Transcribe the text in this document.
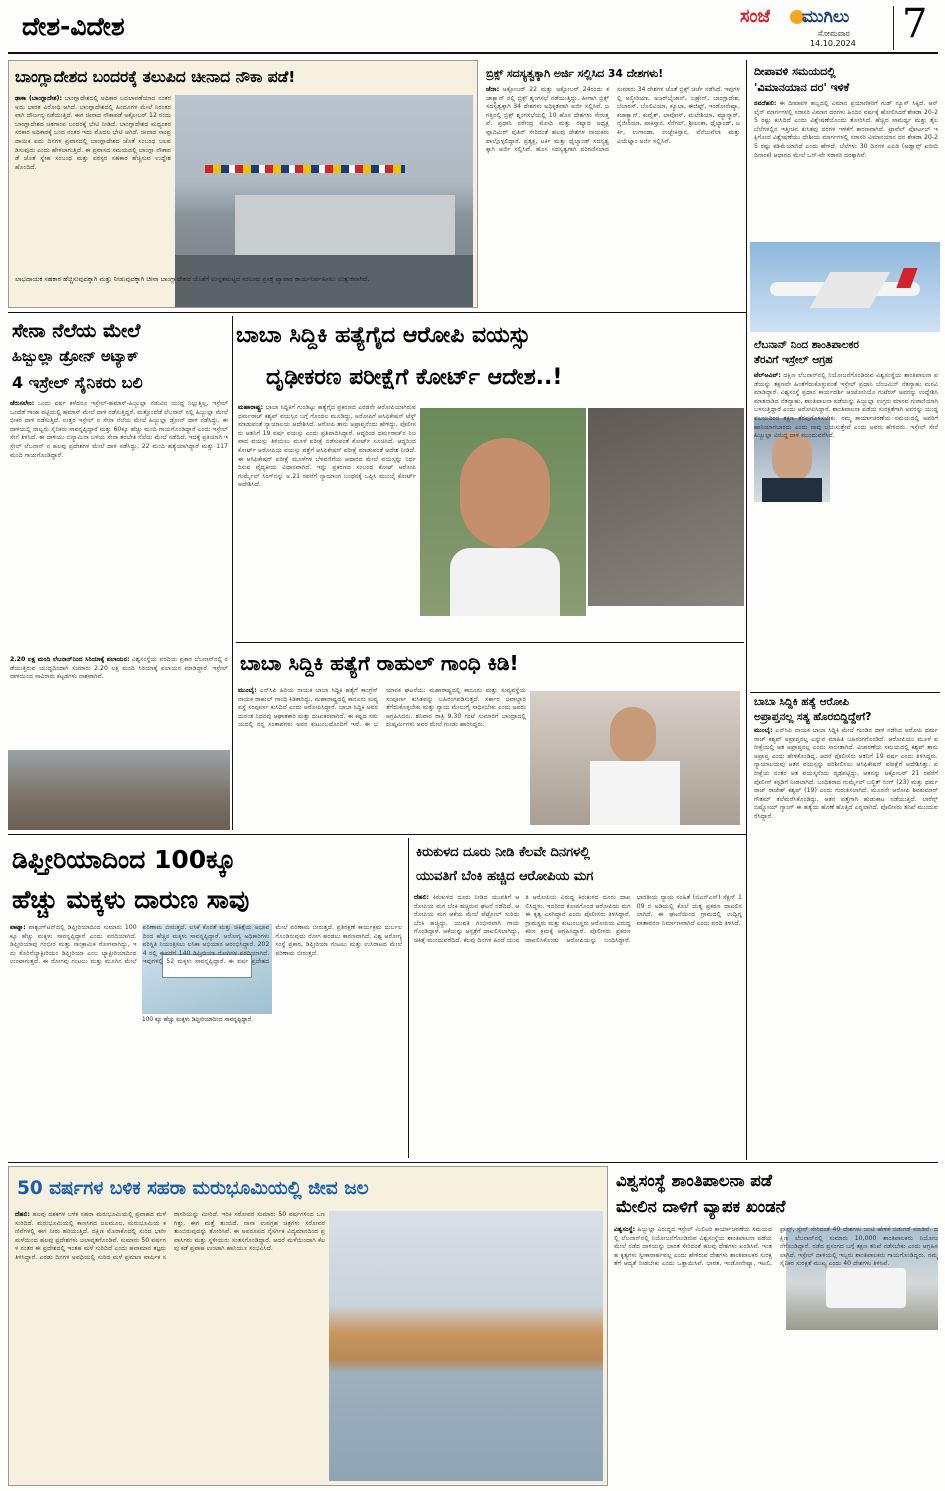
ದೇಶ-ವಿದೇಶ	ಸಂಜೆ ಮುಗಿಲು
ಸೋಮವಾರ
14.10.2024 7
ಬಾಂಗ್ಲಾದೇಶದ ಬಂದರಕ್ಕೆ ತಲುಪಿದ ಚೀನಾದ ನೌಕಾ ಪಡೆ!
ಢಾಕಾ (ಬಾಂಗ್ಲಾದೇಶ): ಬಾಂಗ್ಲಾದೇಶದಲ್ಲಿ ಅಧಿಕಾರ ಬದಲಾವಣೆಯಾದ ನಂತರ ಅದು ಭಾರತ ವಿರೋಧಿ ಆಗಿದೆ. ಬಾಂಗ್ಲಾದೇಶದಲ್ಲಿ ಹಿಂದೂಗಳ ಮೇಲೆ ನಿರಂತರವಾಗಿ ದೌರ್ಜನ್ಯ ನಡೆಯುತ್ತಿದೆ. ಈಗ ಚೀನಾದ ನೌಕಾಪಡೆ ಅಕ್ಟೋಬರ್ 12 ರಂದು ಬಾಂಗ್ಲಾದೇಶದ ಚಿತಗಾಂವ ಬಂದರಕ್ಕೆ ಭೇಟಿ ನೀಡಿದೆ. ಬಾಂಗ್ಲಾದೇಶದ ಮಧ್ಯಂತರ ಸರಕಾರ ಅಧಿಕಾರಕ್ಕೆ ಬಂದ ನಂತರ ಇದು ಮೊದಲ ಭೇಟಿ ಆಗಿದೆ. ಚೀನಾದ ಸಾಂಪ್ರದಾಯಿಕ ಐದು ದಿನಗಳ ಪ್ರವಾಸದಲ್ಲಿ ಬಾಂಗ್ಲಾದೇಶದ ಜೊತೆ ಸಂಬಂಧ ಬಲಪಡಿಸುವುದು ಎಂದು ಹೇಳಲಾಗುತ್ತಿದೆ. ಈ ಪ್ರವಾಸದ ಸಮಯದಲ್ಲಿ ಬಾಂಗ್ಲಾ ನೌಕಾಪಡೆ ಜೊತೆ ಸ್ನೇಹ ಸಂಬಂಧ ಮತ್ತು ಪರಸ್ಪರ ಸಹಕಾರ ಹೆಚ್ಚಿಸುವ ಉದ್ದೇಶ ಹೊಂದಿದೆ.
ಲಾಭದಾಯಕ ಸಹಕಾರ ಹೆಚ್ಚಿಸುವುದಕ್ಕಾಗಿ ಮತ್ತು ನೀಡುವುದಕ್ಕಾಗಿ ಚೀನಾ ಬಾಂಗ್ಲಾದೇಶದ ಜೊತೆಗೆ ಉನ್ನತಮಟ್ಟದ ಸಂಬಂಧ ಪ್ರಸಕ್ತ ವ್ಯಾಪಾರ ಕಾರ್ಯನಿರ್ವಹಿಸಲು ಉತ್ಸುಕವಾಗಿದೆ.
ಬ್ರಿಕ್ಸ್ ಸದಸ್ಯತ್ವಕ್ಕಾಗಿ ಅರ್ಜಿ ಸಲ್ಲಿಸಿದ 34 ದೇಶಗಳು!
ಜೆದಾ: ಅಕ್ಟೋಬರ್ 22 ಮತ್ತು ಅಕ್ಟೋಬರ್ 24ರಂದು ಕಜಾಕ್ಸ್ಥಾನ್ ನಲ್ಲಿ ಬ್ರಿಕ್ಸ್ ಶೃಂಗಸಭೆ ನಡೆಯುತ್ತಿದ್ದು, ಹೀಗಾಗಿ ಬ್ರಿಕ್ಸ್ ಸದಸ್ಯತ್ವಕ್ಕಾಗಿ 34 ದೇಶಗಳು ಅಧಿಕೃತವಾಗಿ ಅರ್ಜಿ ಸಲ್ಲಿಸಿವೆ. ಜಗತ್ತಿನಲ್ಲಿ ಬ್ರಿಕ್ಸ್ ಶೃಂಗಸಭೆಯಲ್ಲಿ 10 ಹೊಸ ದೇಶಗಳು ಸೇರುತ್ತವೆ. ಪ್ರಧಾನಿ ನರೇಂದ್ರ ಮೋದಿ ಮತ್ತು ರಷ್ಯಾದ ಅಧ್ಯಕ್ಷ ವ್ಲಾದಿಮಿರ್ ಪುತಿನ್ ಸೇರಿದಂತೆ ಹಲವು ದೇಶಗಳ ನಾಯಕರು ಪಾಲ್ಗೊಳ್ಳಲಿದ್ದಾರೆ. ಪ್ರತ್ಯಕ್ಷ, ಟರ್ಕಿ ಮತ್ತು ಥೈಲ್ಯಾಂಡ್ ಸದಸ್ಯತ್ವಕ್ಕಾಗಿ ಅರ್ಜಿ ಸಲ್ಲಿಸಿವೆ. ಹೊಸ ಸದಸ್ಯತ್ವಗಾಗಿ ಪರಿಗಣಿಸಲಾದ ಸುಮಾರು 34 ದೇಶಗಳ ಜೊತೆ ಬ್ರಿಕ್ಸ್ ಚರ್ಚೆ ನಡೆಸಿದೆ. ಇವುಗಳಲ್ಲಿ ಅಲ್ಜೀರಿಯಾ, ಅಜರ್‌ಬೈಜಾನ್, ಬಹ್ರೇನ್, ಬಾಂಗ್ಲಾದೇಶ, ಬೆಲಾರಸ್, ಬೊಲಿವಿಯಾ, ಕ್ಯೂಬಾ, ಈಜಿಪ್ಟ್, ಇಂಡೋನೇಷ್ಯಾ, ಕಜಾಕ್ಸ್ಥಾನ್, ಕುವೈತ್, ಲಾವೋಸ್, ಮಲೇಶಿಯಾ, ಮ್ಯಾನ್ಮಾರ್, ನೈಜೀರಿಯಾ, ಪಾಕಿಸ್ತಾನ, ಸೆನೆಗಲ್, ಶ್ರೀಲಂಕಾ, ಥೈಲ್ಯಾಂಡ್, ಟರ್ಕಿ, ಉಗಾಂಡಾ, ಉಜ್ಬೇಕಿಸ್ತಾನ, ವೆನೆಜುವೆಲಾ ಮತ್ತು ವಿಯೆಟ್ನಾಂ ಅರ್ಜಿ ಸಲ್ಲಿಸಿವೆ.
ದೀಪಾವಳಿ ಸಮಯದಲ್ಲಿ
'ವಿಮಾನಯಾನ ದರ' ಇಳಿಕೆ
ನವದೆಹಲಿ: ಈ ದೀಪಾವಳಿ ಹಬ್ಬದಲ್ಲಿ ವಿಮಾನ ಪ್ರಯಾಣಿಕರಿಗೆ ಗುಡ್ ನ್ಯೂಸ್ ಸಿಕ್ಕಿದೆ. ಆನ್ ಲೈನ್ ಮಾರ್ಗಗಳಲ್ಲಿ ಸರಾಸರಿ ವಿಮಾನ ದರಗಳು ಹಿಂದಿನ ವರ್ಷಕ್ಕೆ ಹೋಲಿಸಿದರೆ ಶೇಕಡಾ 20-25 ರಷ್ಟು ಕುಸಿದಿದೆ ಎಂದು ವಿಶ್ಲೇಷಣೆಯೊಂದು ತೋರಿಸಿದೆ. ಹೆಚ್ಚಿದ ಸಾಮರ್ಥ್ಯ ಮತ್ತು ತೈಲ ಬೆಲೆಗಳಲ್ಲಿನ ಇತ್ತೀಚಿನ ಕುಸಿತವು ದರಗಳ ಇಳಿಕೆಗೆ ಕಾರಣವಾಗಿದೆ. ಟ್ರಾವೆಲ್ ಪೋರ್ಟಲ್ ಇಕ್ಸಿಗೋದ ವಿಶ್ಲೇಷಣೆಯು ದೇಶೀಯ ಮಾರ್ಗಗಳಲ್ಲಿ ಸರಾಸರಿ ವಿಮಾನಯಾನ ದರ ಶೇಕಡಾ 20-25 ರಷ್ಟು ಕಡಿಮೆಯಾಗಿದೆ ಎಂದು ಹೇಳಿದೆ. ಬೆಲೆಗಳು 30 ದಿನಗಳ ಎಪಿಡಿ (ಅಡ್ವಾನ್ಸ್ ಖರೀದಿ ದಿನಾಂಕ) ಆಧಾರದ ಮೇಲೆ ಒನ್-ವೇ ಸರಾಸರಿ ದರಕ್ಕಾಗಿವೆ.
ಸೇನಾ ನೆಲೆಯ ಮೇಲೆ
ಹಿಜ್ಬುಲ್ಲಾ ಡ್ರೋನ್ ಅಟ್ಯಾಕ್
4 ಇಸ್ರೇಲ್ ಸೈನಿಕರು ಬಲಿ
ಜೆರುಸಲೇಂ: ಒಂದು ವರ್ಷ ಕಳೆದರೂ ಇಸ್ರೇಲ್-ಹಮಾಸ್-ಹಿಜ್ಬುಲ್ಲಾ ನಡುವಿನ ಯುದ್ಧ ನಿಲ್ಲುತ್ತಿಲ್ಲ. ಇಸ್ರೇಲ್ ಒಂದೆಡೆ ಗಾಜಾ ಪಟ್ಟಿಯಲ್ಲಿ ಹಮಾಸ್ ಮೇಲೆ ದಾಳಿ ನಡೆಸುತ್ತಿದ್ದರೆ, ಮತ್ತೊಂದೆಡೆ ಲೆಬನಾನ್ ನಲ್ಲಿ ಹಿಜ್ಬುಲ್ಲಾ ಮೇಲೆ ಭೀಕರ ದಾಳಿ ನಡೆಸುತ್ತಿದೆ. ಉತ್ತರ ಇಸ್ರೇಲ್ ನ ಸೇನಾ ನೆಲೆಯ ಮೇಲೆ ಹಿಜ್ಬುಲ್ಲಾ ಡ್ರೋನ್ ದಾಳಿ ನಡೆಸಿದ್ದು, ಈ ದಾಳಿಯಲ್ಲಿ ನಾಲ್ವರು ಸೈನಿಕರು ಸಾವನ್ನಪ್ಪಿದ್ದಾರೆ ಮತ್ತು 60ಕ್ಕೂ ಹೆಚ್ಚು ಮಂದಿ ಗಾಯಗೊಂಡಿದ್ದಾರೆ ಎಂದು ಇಸ್ರೇಲ್ ಸೇನೆ ತಿಳಿಸಿದೆ. ಈ ದಾಳಿಯು ಬಿನ್ಯಾಮಿನಾ ಬಳಿಯ ಸೇನಾ ತರಬೇತಿ ನೆಲೆಯ ಮೇಲೆ ನಡೆದಿದೆ. ಇದಕ್ಕೆ ಪ್ರತಿಯಾಗಿ ಇಸ್ರೇಲ್ ಲೆಬನಾನ್ ನ ಹಲವು ಪ್ರದೇಶಗಳ ಮೇಲೆ ದಾಳಿ ನಡೆಸಿದ್ದು, 22 ಮಂದಿ ಹತ್ಯೆಯಾಗಿದ್ದಾರೆ ಮತ್ತು 117 ಮಂದಿ ಗಾಯಗೊಂಡಿದ್ದಾರೆ.
2.20 ಲಕ್ಷ ಮಂದಿ ಲೆಬನಾನ್‌ನಿಂದ ಸಿರಿಯಾಕ್ಕೆ ಪಲಾಯನ: ವಿಶ್ವಸಂಸ್ಥೆಯ ವರದಿಯ ಪ್ರಕಾರ ಲೆಬನಾನ್‌ನಲ್ಲಿ ನಡೆಯುತ್ತಿರುವ ಯುದ್ಧದಿಂದಾಗಿ ಸುಮಾರು 2.20 ಲಕ್ಷ ಮಂದಿ ಸಿರಿಯಾಕ್ಕೆ ಪಲಾಯನ ಮಾಡಿದ್ದಾರೆ. ಇಸ್ರೇಲ್ ದಾಳಿಯಿಂದ ಸಾವಿರಾರು ಕಟ್ಟಡಗಳು ನಾಶವಾಗಿವೆ.
ಬಾಬಾ ಸಿದ್ದಿಕಿ ಹತ್ಯೆಗೈದ ಆರೋಪಿ ವಯಸ್ಸು
ದೃಢೀಕರಣ ಪರೀಕ್ಷೆಗೆ ಕೋರ್ಟ್ ಆದೇಶ..!
ಮಹಾರಾಷ್ಟ್ರ: ಬಾಬಾ ಸಿದ್ದಿಕಿಗೆ ಗುಂಡಿಟ್ಟು ಹತ್ಯೆಗೈದ ಪ್ರಕರಣದ ಎರಡನೇ ಆರೋಪಿಯಾಗಿರುವ ಧರ್ಮರಾಜ್ ಕಶ್ಯಪ್ ವಯಸ್ಸಿನ ಬಗ್ಗೆ ಗೊಂದಲ ಮೂಡಿದ್ದು, ಅರೋಪಿಗೆ ಆಸಿಫಿಕೇಷನ್ ಟೆಸ್ಟ್ ಮಾಡುವಂತೆ ನ್ಯಾಯಾಲಯ ಆದೇಶಿಸಿದೆ. ಆರೋಪಿ ತಾನು ಅಪ್ರಾಪ್ತನೆಂದು ಹೇಳಿದ್ದು, ಪೊಲೀಸರು ಆತನಿಗೆ 19 ವರ್ಷ ವಯಸ್ಸು ಎಂದು ಪ್ರತಿಪಾದಿಸಿದ್ದಾರೆ. ಆದ್ದರಿಂದ ಧರ್ಮರಾಜ್‌ನ ನಿಜವಾದ ವಯಸ್ಸು ತಿಳಿಯಲು ಮೂಳೆ ಪರೀಕ್ಷೆ ನಡೆಸುವಂತೆ ಕೋರ್ಟ್ ಸೂಚಿಸಿದೆ. ಆದ್ದರಿಂದ ಕೋರ್ಟ್ ಅರೋಪಿಯ ವಯಸ್ಸು ಪತ್ತೆಗೆ ಆಸಿಫಿಕೇಷನ್ ಪರೀಕ್ಷೆ ಮಾಡುವಂತೆ ಆದೇಶ ನೀಡಿದೆ. ಈ ಆಸಿಫಿಕೇಷನ್ ಪರೀಕ್ಷೆ ಮೂಳೆಗಳ ಬೆಳವಣಿಗೆಯ ಆಧಾರದ ಮೇಲೆ ವಯಸ್ಸನ್ನು ನಿರ್ಧರಿಸುವ ವೈದ್ಯಕೀಯ ವಿಧಾನವಾಗಿದೆ. ಇನ್ನು ಪ್ರಕರಣದ ಸಂಬಂಧ ಕೋಟ್‌ ಆರೋಪಿ ಗುರ್ಮೈಲ್ ಸಿಂಗ್‌ನನ್ನು ಅ.21 ರವರೆಗೆ ನ್ಯಾಯಾಂಗ ಬಂಧನಕ್ಕೆ ಒಪ್ಪಿಸಿ ಮುಂಬೈ ಕೋರ್ಟ್ ಆದೇಶಿಸಿದೆ.
ಲೆಬನಾನ್ ನಿಂದ ಶಾಂತಿಪಾಲಕರ
ತೆರವಿಗೆ ಇಸ್ರೇಲ್ ಆಗ್ರಹ
ಟೆಲ್‌ಅವಿವ್: ದಕ್ಷಿಣ ಲೆಬನಾನ್‌ನಲ್ಲಿ ನಿಯೋಜನೆಗೊಂಡಿರುವ ವಿಶ್ವಸಂಸ್ಥೆಯ ಶಾಂತಿಪಾಲನಾ ಪಡೆಯನ್ನು ತಕ್ಷಣವೇ ಹಿಂತೆಗೆದುಕೊಳ್ಳುವಂತೆ ಇಸ್ರೇಲ್ ಪ್ರಧಾನಿ ಬೆಂಜಮಿನ್ ನೆತನ್ಯಾಹು ಮನವಿ ಮಾಡಿದ್ದಾರೆ. ವಿಶ್ವಸಂಸ್ಥೆ ಪ್ರಧಾನ ಕಾರ್ಯದರ್ಶಿ ಆಂಟೋನಿಯೊ ಗುಟೆರಸ್ ಅವರನ್ನು ಉದ್ದೇಶಿಸಿ ಮಾತನಾಡಿದ ನೆತನ್ಯಾಹು, ಶಾಂತಿಪಾಲನಾ ಪಡೆಯನ್ನು ಹಿಜ್ಬುಲ್ಲಾ ಉಗ್ರರು ಮಾನವ ಗುರಾಣಿಯಾಗಿ ಬಳಸುತ್ತಿದ್ದಾರೆ ಎಂದು ಆರೋಪಿಸಿದ್ದಾರೆ. ಶಾಂತಿಪಾಲನಾ ಪಡೆಯ ಸುರಕ್ಷತೆಗಾಗಿ ಅವರನ್ನು ಯುದ್ಧ ವಲಯದಿಂದ ತಕ್ಷಣ ತೆರವುಗೊಳಿಸಬೇಕು. ನಮ್ಮ ಕಾರ್ಯಾಚರಣೆಯ ಸಮಯದಲ್ಲಿ ಅವರಿಗೆ ಹಾನಿಯಾಗಬಾರದು ಎಂದು ನಾವು ಬಯಸುತ್ತೇವೆ ಎಂದು ಅವರು ಹೇಳಿದರು. ಇಸ್ರೇಲ್ ಸೇನೆ ಹಿಜ್ಬುಲ್ಲಾ ವಿರುದ್ಧ ದಾಳಿ ಮುಂದುವರೆಸಿದೆ.
ಬಾಬಾ ಸಿದ್ದಿಕಿ ಹತ್ಯೆಗೆ ರಾಹುಲ್ ಗಾಂಧಿ ಕಿಡಿ!
ಮುಂಬೈ: ಎನ್‌ಸಿಪಿ ಹಿರಿಯ ನಾಯಕ ಬಾಬಾ ಸಿದ್ದಿಕಿ ಹತ್ಯೆಗೆ ಕಾಂಗ್ರೆಸ್ ನಾಯಕ ರಾಹುಲ್ ಗಾಂಧಿ ಕಿಡಿಕಾರಿದ್ದು, ಮಹಾರಾಷ್ಟ್ರದಲ್ಲಿ ಕಾನೂನು ಸುವ್ಯವಸ್ಥೆ ಸಂಪೂರ್ಣ ಕುಸಿದಿದೆ ಎಂದು ಆರೋಪಿಸಿದ್ದಾರೆ. ಬಾಬಾ ಸಿದ್ದಿಕಿ ಅವರ ದುರಂತ ನಿಧನವು ಆಘಾತಕಾರಿ ಮತ್ತು ದುಃಖಕರವಾಗಿದೆ. ಈ ಕಷ್ಟದ ಸಮಯದಲ್ಲಿ ನನ್ನ ಸಂತಾಪಗಳು ಅವರ ಕುಟುಂಬದೊಂದಿಗೆ ಇವೆ. ಈ ಭಯಾನಕ ಘಟನೆಯು ಮಹಾರಾಷ್ಟ್ರದಲ್ಲಿ ಕಾನೂನು ಮತ್ತು ಸುವ್ಯವಸ್ಥೆಯ ಸಂಪೂರ್ಣ ಕುಸಿತವನ್ನು ಬಹಿರಂಗಪಡಿಸುತ್ತದೆ. ಸರ್ಕಾರ ಜವಾಬ್ದಾರಿ ತೆಗೆದುಕೊಳ್ಳಬೇಕು ಮತ್ತು ನ್ಯಾಯ ಮೇಲುಗೈ ಸಾಧಿಸಬೇಕು ಎಂದು ಅವರು ಆಗ್ರಹಿಸಿದರು. ಶನಿವಾರ ರಾತ್ರಿ 9.30 ಗಂಟೆ ಸುಮಾರಿಗೆ ಬಾಂದ್ರಾದಲ್ಲಿ ದುಷ್ಕರ್ಮಿಗಳು ಅವರ ಮೇಲೆ ಗುಂಡು ಹಾರಿಸಿದ್ದರು.
ಬಾಬಾ ಸಿದ್ದಿಕಿ ಹತ್ಯೆ ಆರೋಪಿ
ಅಪ್ರಾಪ್ತನಲ್ಲ ಸತ್ಯ ಹೊರಬಿದ್ದಿದ್ದೇಗೆ?
ಮುಂಬೈ: ಎನ್‌ಸಿಪಿ ನಾಯಕ ಬಾಬಾ ಸಿದ್ದಿಕಿ ಮೇಲೆ ಗುಂಡಿನ ದಾಳಿ ನಡೆಸಿದ ಆರೋಪಿ ಧರ್ಮರಾಜ್ ಕಶ್ಯಪ್ ಅಪ್ರಾಪ್ತನಲ್ಲ ಎನ್ನುವ ಮಾಹಿತಿ ಬಹಿರಂಗಗೊಂಡಿದೆ. ಆರೋಪಿಯು ಮೂಳೆ ಪರೀಕ್ಷೆಯಲ್ಲಿ ಆತ ಅಪ್ರಾಪ್ತನಲ್ಲ ಎಂದು ಸಾಬೀತಾಗಿದೆ. ವಿಚಾರಣೆಯ ಸಮಯದಲ್ಲಿ ಕಶ್ಯಪ್ ತಾನು ಅಪ್ರಾಪ್ತ ಎಂದು ಹೇಳಿಕೊಂಡಿದ್ದ. ಆದರೆ ಪೊಲೀಸರು ಆತನಿಗೆ 19 ವರ್ಷ ಎಂದು ತಿಳಿಸಿದ್ದರು. ನ್ಯಾಯಾಲಯವು ಆತನ ವಯಸ್ಸನ್ನು ಪರಿಶೀಲಿಸಲು ಆಸಿಫಿಕೇಷನ್ ಪರೀಕ್ಷೆಗೆ ಆದೇಶಿಸಿತ್ತು. ಪರೀಕ್ಷೆಯ ನಂತರ ಆತ ವಯಸ್ಕನೆಂದು ದೃಢಪಟ್ಟಿದ್ದು, ಆತನನ್ನು ಅಕ್ಟೋಬರ್ 21 ರವರೆಗೆ ಪೊಲೀಸ್ ಕಸ್ಟಡಿಗೆ ನೀಡಲಾಗಿದೆ. ಬಂಧಿತರಾದ ಗುರ್ಮೈಲ್ ಬಲ್ಜಿತ್ ಸಿಂಗ್ (23) ಮತ್ತು ಧರ್ಮರಾಜ್ ರಾಜೇಶ್ ಕಶ್ಯಪ್ (19) ಎಂದು ಗುರುತಿಸಲಾಗಿದೆ. ಮೂರನೇ ಆರೋಪಿ ಶಿವಕುಮಾರ್ ಗೌತಮ್ ತಲೆಮರೆಸಿಕೊಂಡಿದ್ದು, ಆತನ ಪತ್ತೆಗಾಗಿ ಹುಡುಕಾಟ ನಡೆಯುತ್ತಿದೆ. ಲಾರೆನ್ಸ್ ಬಿಷ್ಣೋಯ್ ಗ್ಯಾಂಗ್ ಈ ಹತ್ಯೆಯ ಹೊಣೆ ಹೊತ್ತಿದೆ ಎನ್ನಲಾಗಿದೆ. ಪೊಲೀಸರು ತನಿಖೆ ಮುಂದುವರೆಸಿದ್ದಾರೆ.
ಡಿಫ್ತೀರಿಯಾದಿಂದ 100ಕ್ಕೂ
ಹೆಚ್ಚು ಮಕ್ಕಳು ದಾರುಣ ಸಾವು
100 ಕ್ಕೂ ಹೆಚ್ಚು ಮಕ್ಕಳು ಡಿಫ್ತೀರಿಯಾದಿಂದ ಸಾವನ್ನಪ್ಪಿದ್ದಾರೆ.
ಪಾಟ್ನಾ: ವಾಶ್ಟಂಗ್‌ಟನ್‌ದಲ್ಲಿ ಡಿಫ್ತೀರಿಯಾದಿಂದ ಸುಮಾರು 100 ಕ್ಕೂ ಹೆಚ್ಚು ಮಕ್ಕಳು ಸಾವನ್ನಪ್ಪಿದ್ದಾರೆ ಎಂದು ವರದಿಯಾಗಿದೆ. ಡಿಫ್ತೀರಿಯಾವು ಗಂಭೀರ ಮತ್ತು ಸಾಂಕ್ರಾಮಿಕ ರೋಗವಾಗಿದ್ದು, ಇದು ಕೊರಿನೆಬ್ಯಾಕ್ಟೀರಿಯಂ ಡಿಫ್ತೀರಿಯಾ ಎಂಬ ಬ್ಯಾಕ್ಟೀರಿಯಾದಿಂದ ಉಂಟಾಗುತ್ತದೆ. ಈ ರೋಗವು ಗಂಟಲು ಮತ್ತು ಮೂಗಿನ ಮೇಲೆ ಪರಿಣಾಮ ಬೀರುತ್ತದೆ. ಲಸಿಕೆ ಕೊರತೆ ಮತ್ತು ಚಿಕಿತ್ಸೆಯ ಅಭಾವದಿಂದ ಹೆಚ್ಚಿನ ಮಕ್ಕಳು ಸಾವನ್ನಪ್ಪಿದ್ದಾರೆ. ಆರೋಗ್ಯ ಅಧಿಕಾರಿಗಳು ಪರಿಸ್ಥಿತಿ ನಿಯಂತ್ರಿಸಲು ಲಸಿಕಾ ಅಭಿಯಾನ ಆರಂಭಿಸಿದ್ದಾರೆ. 2024 ರಲ್ಲಿ ಈವರೆಗೆ 140 ಡಿಫ್ತೀರಿಯಾ ರೋಗಿಗಳ ವರದಿಯಾಗಿದೆ. ಇವುಗಳಲ್ಲಿ 52 ಮಕ್ಕಳು ಸಾವನ್ನಪ್ಪಿದ್ದಾರೆ. ಈ ವರ್ಷ ಪ್ರದೇಶದ ಮೇಲೆ ಪರಿಣಾಮ ಬೀರುತ್ತದೆ. ಪ್ರತಿರಕ್ಷಣೆ ಕಾರ್ಯಕ್ರಮ ದುರ್ಬಲಗೊಂಡಿರುವುದು ರೋಗ ಹರಡಲು ಕಾರಣವಾಗಿದೆ. ವಿಶ್ವ ಆರೋಗ್ಯ ಸಂಸ್ಥೆ ಪ್ರಕಾರ, ಡಿಫ್ತೀರಿಯಾ ಗಂಟಲು ಮತ್ತು ಉಸಿರಾಟದ ಮೇಲೆ ಪರಿಣಾಮ ಬೀರುತ್ತದೆ.
ಕಿರುಕುಳದ ದೂರು ನೀಡಿ ಕೆಲವೇ ದಿನಗಳಲ್ಲಿ
ಯುವತಿಗೆ ಬೆಂಕಿ ಹಚ್ಚಿದ ಆರೋಪಿಯ ಮಗ
ದೆಹಲಿ: ಕಿರುಕುಳದ ದೂರು ನೀಡಿದ ಯುವತಿಗೆ ಆರೋಪಿಯ ಮಗ ಬೆಂಕಿ ಹಚ್ಚಿರುವ ಘಟನೆ ನಡೆದಿದೆ. ಆರೋಪಿಯ ಮಗ ಆಕೆಯ ಮೇಲೆ ಪೆಟ್ರೋಲ್ ಸುರಿದು ಬೆಂಕಿ ಹಚ್ಚಿದ್ದು, ಯುವತಿ ಗಂಭೀರವಾಗಿ ಗಾಯಗೊಂಡಿದ್ದಾಳೆ. ಆಕೆಯನ್ನು ಆಸ್ಪತ್ರೆಗೆ ದಾಖಲಿಸಲಾಗಿದ್ದು, ಚಿಕಿತ್ಸೆ ಮುಂದುವರೆದಿದೆ. ಕೆಲವು ದಿನಗಳ ಹಿಂದೆ ಯುವತಿ ಆರೋಪಿಯ ವಿರುದ್ಧ ಕಿರುಕುಳದ ದೂರು ದಾಖಲಿಸಿದ್ದಳು. ಇದರಿಂದ ಕೋಪಗೊಂಡ ಆರೋಪಿಯ ಮಗ ಈ ಕೃತ್ಯ ಎಸಗಿದ್ದಾನೆ ಎಂದು ಪೊಲೀಸರು ತಿಳಿಸಿದ್ದಾರೆ. ಗ್ರಾಮಸ್ಥರು ಮತ್ತು ಕುಟುಂಬಸ್ಥರು ಆರೋಪಿಯ ವಿರುದ್ಧ ಕಠಿಣ ಕ್ರಮಕ್ಕೆ ಆಗ್ರಹಿಸಿದ್ದಾರೆ. ಪೊಲೀಸರು ಪ್ರಕರಣ ದಾಖಲಿಸಿಕೊಂಡು ಆರೋಪಿಯನ್ನು ಬಂಧಿಸಿದ್ದಾರೆ. ಭಾರತೀಯ ನ್ಯಾಯ ಸಂಹಿತೆ (ಬಿಎನ್‌ಎಸ್) ಸೆಕ್ಷನ್ 109 ರ ಅಡಿಯಲ್ಲಿ ಕೊಲೆ ಯತ್ನ ಪ್ರಕರಣ ದಾಖಲಿಸಲಾಗಿದೆ. ಈ ಘಟನೆಯಿಂದ ಗ್ರಾಮದಲ್ಲಿ ಉದ್ವಿಗ್ನ ವಾತಾವರಣ ನಿರ್ಮಾಣವಾಗಿದೆ ಎಂದು ವರದಿ ತಿಳಿಸಿದೆ.
50 ವರ್ಷಗಳ ಬಳಿಕ ಸಹರಾ ಮರುಭೂಮಿಯಲ್ಲಿ ಜೀವ ಜಲ
ದೆಹಲಿ: ಹಲವು ದಶಕಗಳ ಬಳಿಕ ಸಹರಾ ಮರುಭೂಮಿಯಲ್ಲಿ ಪ್ರವಾಹದ ಮಳೆ ಸುರಿದಿದೆ. ಮರುಭೂಮಿಯಲ್ಲಿ ಕಾಣಸಿಗದ ಜಲಮೂಲ, ಮರುಭೂಮಿಯ ಕಣಿವೆಗಳಲ್ಲಿ ಈಗ ನೀರು ಹರಿಯುತ್ತಿದೆ. ದಕ್ಷಿಣ ಮೊರಾಕೊದಲ್ಲಿ ಸುರಿದ ಭಾರೀ ಮಳೆಯಿಂದ ಹಲವು ಪ್ರದೇಶಗಳು ಜಲಾವೃತಗೊಂಡಿವೆ. ಸುಮಾರು 50 ವರ್ಷಗಳ ನಂತರ ಈ ಪ್ರದೇಶದಲ್ಲಿ ಇಂತಹ ಮಳೆ ಸುರಿದಿದೆ ಎಂದು ಹವಾಮಾನ ತಜ್ಞರು ತಿಳಿಸಿದ್ದಾರೆ. ಎರಡು ದಿನಗಳ ಅವಧಿಯಲ್ಲಿ ಸುರಿದ ಮಳೆ ಪ್ರಮಾಣ ವಾರ್ಷಿಕ ಸರಾಸರಿಯನ್ನು ಮೀರಿದೆ. ಇರಿಕಿ ಸರೋವರ ಸುಮಾರು 50 ವರ್ಷಗಳಿಂದ ಒಣಗಿತ್ತು, ಈಗ ಮತ್ತೆ ತುಂಬಿದೆ. ನಾಸಾ ಉಪಗ್ರಹ ಚಿತ್ರಗಳು ಸರೋವರ ತುಂಬಿರುವುದನ್ನು ತೋರಿಸಿವೆ. ಈ ಅಪರೂಪದ ನೈಸರ್ಗಿಕ ವಿದ್ಯಮಾನದಿಂದ ಪ್ರವಾಸಿಗರು ಮತ್ತು ಸ್ಥಳೀಯರು ಸಂತಸಗೊಂಡಿದ್ದಾರೆ. ಆದರೆ ಮಳೆಯಿಂದಾಗಿ ಕೆಲವು ಕಡೆ ಪ್ರವಾಹ ಉಂಟಾಗಿ ಹಾನಿಯೂ ಸಂಭವಿಸಿದೆ.
ವಿಶ್ವಸಂಸ್ಥೆ ಶಾಂತಿಪಾಲನಾ ಪಡೆ
ಮೇಲಿನ ದಾಳಿಗೆ ವ್ಯಾಪಕ ಖಂಡನೆ
ವಿಶ್ವಸಂಸ್ಥೆ: ಹಿಜ್ಬುಲ್ಲಾ ವಿರುದ್ಧದ ಇಸ್ರೇಲ್ ಮಿಲಿಟರಿ ಕಾರ್ಯಾಚರಣೆಯ ಸಮಯದಲ್ಲಿ ಲೆಬನಾನ್‌ನಲ್ಲಿ ನಿಯೋಜನೆಗೊಂಡಿರುವ ವಿಶ್ವಸಂಸ್ಥೆಯ ಶಾಂತಿಪಾಲನಾ ಪಡೆಯ ಮೇಲೆ ನಡೆದ ದಾಳಿಯನ್ನು ಭಾರತ ಸೇರಿದಂತೆ ಹಲವು ದೇಶಗಳು ಖಂಡಿಸಿವೆ. ಇಂತಹ ಕೃತ್ಯಗಳು ಸ್ವೀಕಾರಾರ್ಹವಲ್ಲ ಎಂದು ಹೇಳಿರುವ ದೇಶಗಳು ಶಾಂತಿಪಾಲಕರ ಸುರಕ್ಷತೆಗೆ ಆದ್ಯತೆ ನೀಡಬೇಕು ಎಂದು ಒತ್ತಾಯಿಸಿವೆ. ಭಾರತ, ಇಂಡೋನೇಷ್ಯಾ, ಇಟಲಿ, ಫ್ರಾನ್ಸ್, ಸ್ಪೇನ್ ಸೇರಿದಂತೆ 40 ದೇಶಗಳು ಜಂಟಿ ಹೇಳಿಕೆ ಬಿಡುಗಡೆ ಮಾಡಿವೆ. ದಕ್ಷಿಣ ಲೆಬನಾನ್‌ನಲ್ಲಿ ಸುಮಾರು 10,000 ಶಾಂತಿಪಾಲಕರು ನಿಯೋಜನೆಗೊಂಡಿದ್ದಾರೆ. ನಡೆದ ಪ್ರಸಂಗದ ಬಗ್ಗೆ ತಕ್ಷಣ ತನಿಖೆ ನಡೆಸಬೇಕು ಎಂದು ಆಗ್ರಹಿಸಲಾಗಿದೆ. ಇಸ್ರೇಲ್ ದಾಳಿಯಲ್ಲಿ ಇಬ್ಬರು ಶಾಂತಿಪಾಲಕರು ಗಾಯಗೊಂಡಿದ್ದರು. ನಮ್ಮ ಸೈನಿಕರ ಸುರಕ್ಷತೆ ಮುಖ್ಯ ಎಂದು 40 ದೇಶಗಳು ತಿಳಿಸಿವೆ.
